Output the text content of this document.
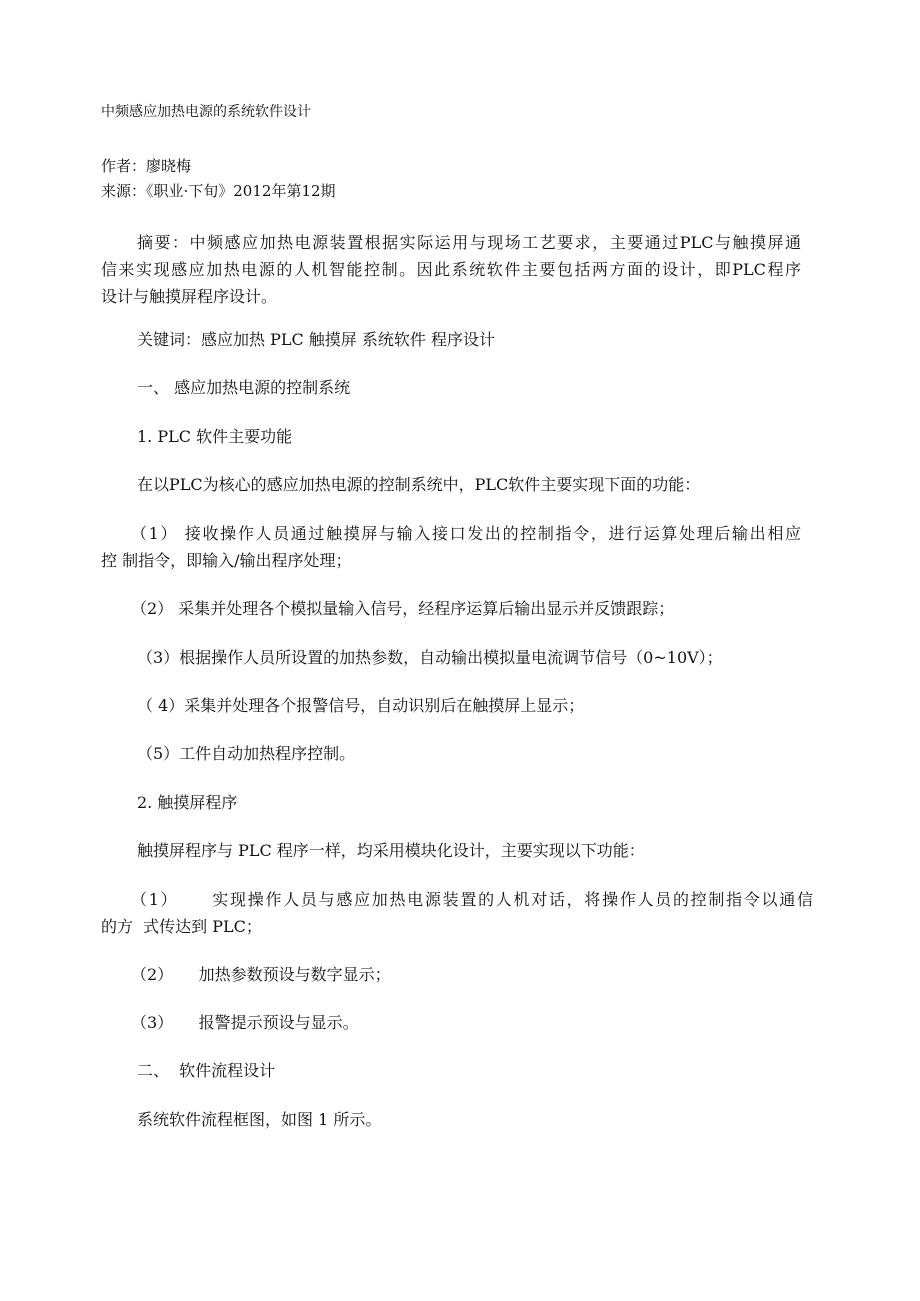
中频感应加热电源的系统软件设计
作者：廖晓梅
来源：《职业·下旬》2012年第12期
摘要：中频感应加热电源装置根据实际运用与现场工艺要求，主要通过PLC与触摸屏通
信来实现感应加热电源的人机智能控制。因此系统软件主要包括两方面的设计，即PLC程序
设计与触摸屏程序设计。
关键词：感应加热 PLC 触摸屏 系统软件 程序设计
一、 感应加热电源的控制系统
1. PLC 软件主要功能
在以PLC为核心的感应加热电源的控制系统中，PLC软件主要实现下面的功能：
（1） 接收操作人员通过触摸屏与输入接口发出的控制指令，进行运算处理后输出相应
控 制指令，即输入/输出程序处理；
（2） 采集并处理各个模拟量输入信号，经程序运算后输出显示并反馈跟踪；
（3）根据操作人员所设置的加热参数，自动输出模拟量电流调节信号（0~10V）；
（ 4）采集并处理各个报警信号，自动识别后在触摸屏上显示；
（5）工件自动加热程序控制。
2. 触摸屏程序
触摸屏程序与 PLC 程序一样，均采用模块化设计，主要实现以下功能：
（1）     实现操作人员与感应加热电源装置的人机对话，将操作人员的控制指令以通信
的方  式传达到 PLC；
（2）     加热参数预设与数字显示；
（3）     报警提示预设与显示。
二、  软件流程设计
系统软件流程框图，如图 1 所示。
